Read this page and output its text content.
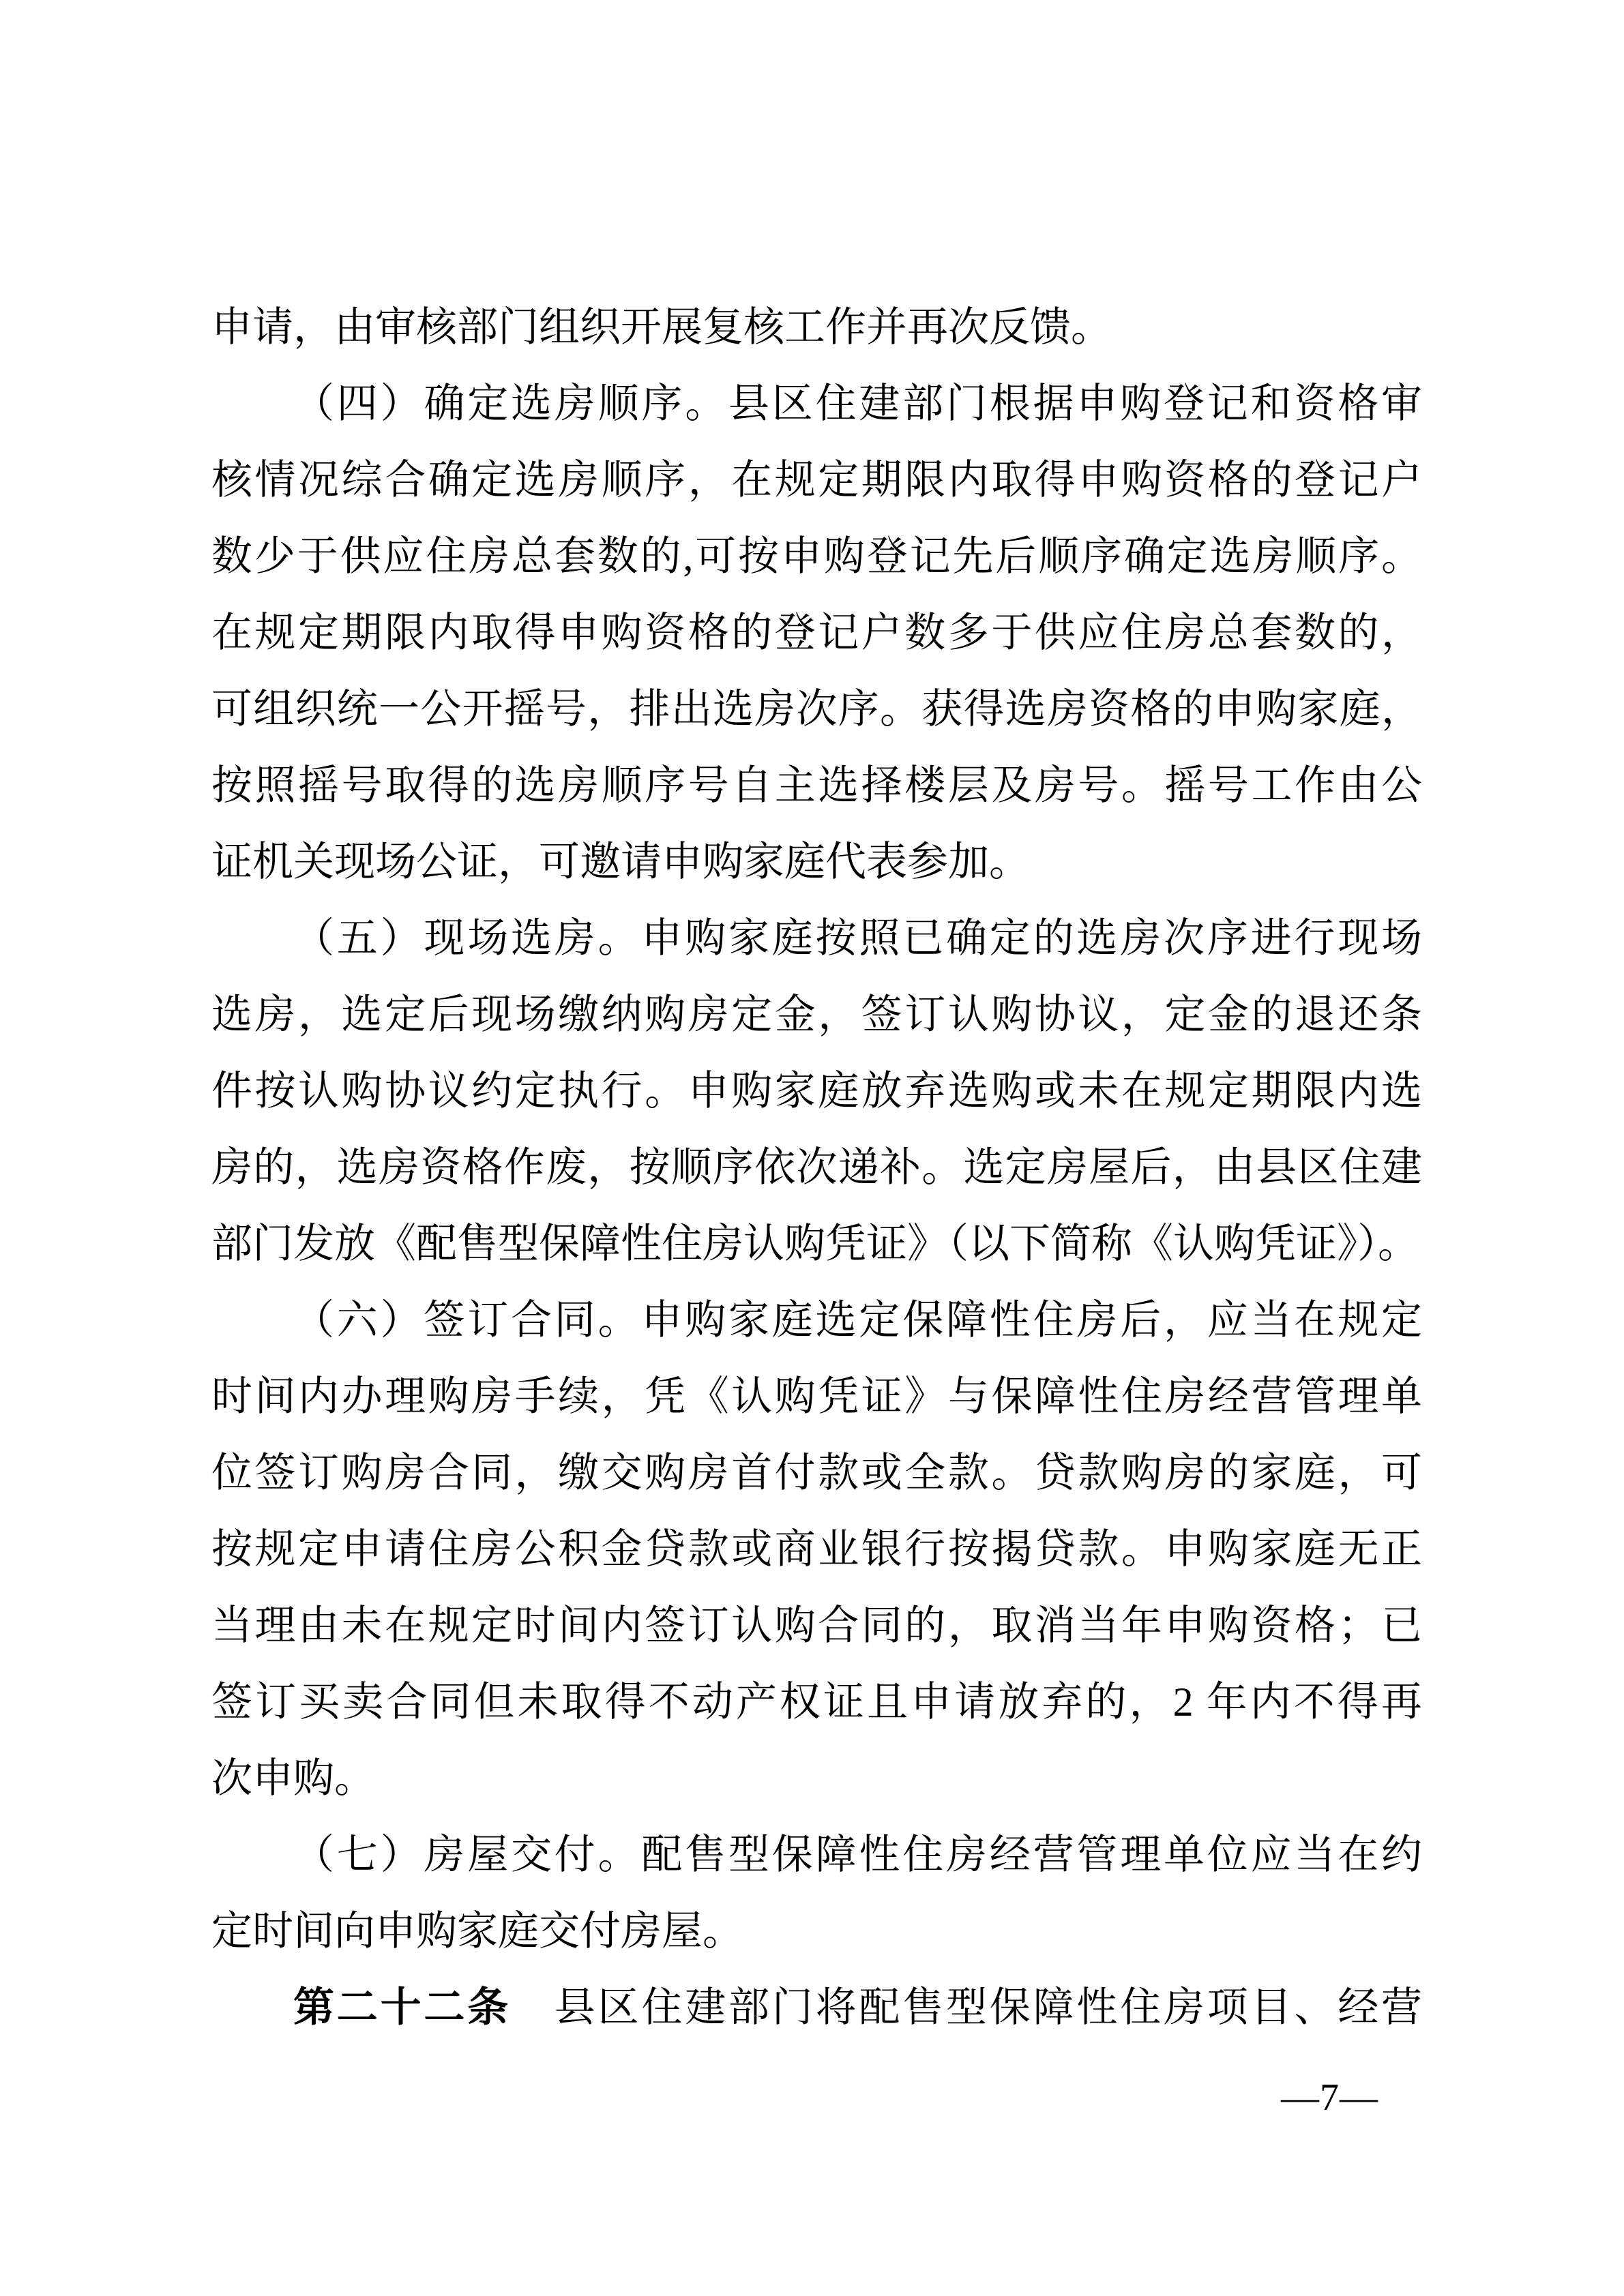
申请，由审核部门组织开展复核工作并再次反馈。
（四）确定选房顺序。县区住建部门根据申购登记和资格审
核情况综合确定选房顺序，在规定期限内取得申购资格的登记户
数少于供应住房总套数的,可按申购登记先后顺序确定选房顺序。
在规定期限内取得申购资格的登记户数多于供应住房总套数的，
可组织统一公开摇号，排出选房次序。获得选房资格的申购家庭，
按照摇号取得的选房顺序号自主选择楼层及房号。摇号工作由公
证机关现场公证，可邀请申购家庭代表参加。
（五）现场选房。申购家庭按照已确定的选房次序进行现场
选房，选定后现场缴纳购房定金，签订认购协议，定金的退还条
件按认购协议约定执行。申购家庭放弃选购或未在规定期限内选
房的，选房资格作废，按顺序依次递补。选定房屋后，由县区住建
部门发放《配售型保障性住房认购凭证》（以下简称《认购凭证》）。
（六）签订合同。申购家庭选定保障性住房后，应当在规定
时间内办理购房手续，凭《认购凭证》与保障性住房经营管理单
位签订购房合同，缴交购房首付款或全款。贷款购房的家庭，可
按规定申请住房公积金贷款或商业银行按揭贷款。申购家庭无正
当理由未在规定时间内签订认购合同的，取消当年申购资格；已
签订买卖合同但未取得不动产权证且申请放弃的，2 年内不得再
次申购。
（七）房屋交付。配售型保障性住房经营管理单位应当在约
定时间向申购家庭交付房屋。
第二十二条　县区住建部门将配售型保障性住房项目、经营
—7—
